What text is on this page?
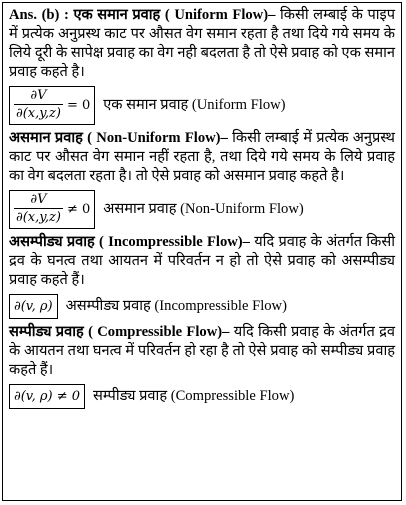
Ans. (b) : एक समान प्रवाह ( Uniform Flow)– किसी लम्बाई के पाइप में प्रत्येक अनुप्रस्थ काट पर औसत वेग समान रहता है तथा दिये गये समय के लिये दूरी के सापेक्ष प्रवाह का वेग नही बदलता है तो ऐसे प्रवाह को एक समान प्रवाह कहते है।

$\frac{\partial V}{\partial(x,y,z)} = 0$ एक समान प्रवाह (Uniform Flow)

असमान प्रवाह ( Non-Uniform Flow)– किसी लम्बाई में प्रत्येक अनुप्रस्थ काट पर औसत वेग समान नहीं रहता है, तथा दिये गये समय के लिये प्रवाह का वेग बदलता रहता है। तो ऐसे प्रवाह को असमान प्रवाह कहते है।

$\frac{\partial V}{\partial(x,y,z)} \ne 0$ असमान प्रवाह (Non-Uniform Flow)

असम्पीड्य प्रवाह ( Incompressible Flow)– यदि प्रवाह के अंतर्गत किसी द्रव के घनत्व तथा आयतन में परिवर्तन न हो तो ऐसे प्रवाह को असम्पीड्य प्रवाह कहते हैं।

∂(v, ρ) असम्पीड्य प्रवाह (Incompressible Flow)

सम्पीड्य प्रवाह ( Compressible Flow)– यदि किसी प्रवाह के अंतर्गत द्रव के आयतन तथा घनत्व में परिवर्तन हो रहा है तो ऐसे प्रवाह को सम्पीड्य प्रवाह कहते हैं।

∂(v, ρ) ≠ 0 सम्पीड्य प्रवाह (Compressible Flow)
